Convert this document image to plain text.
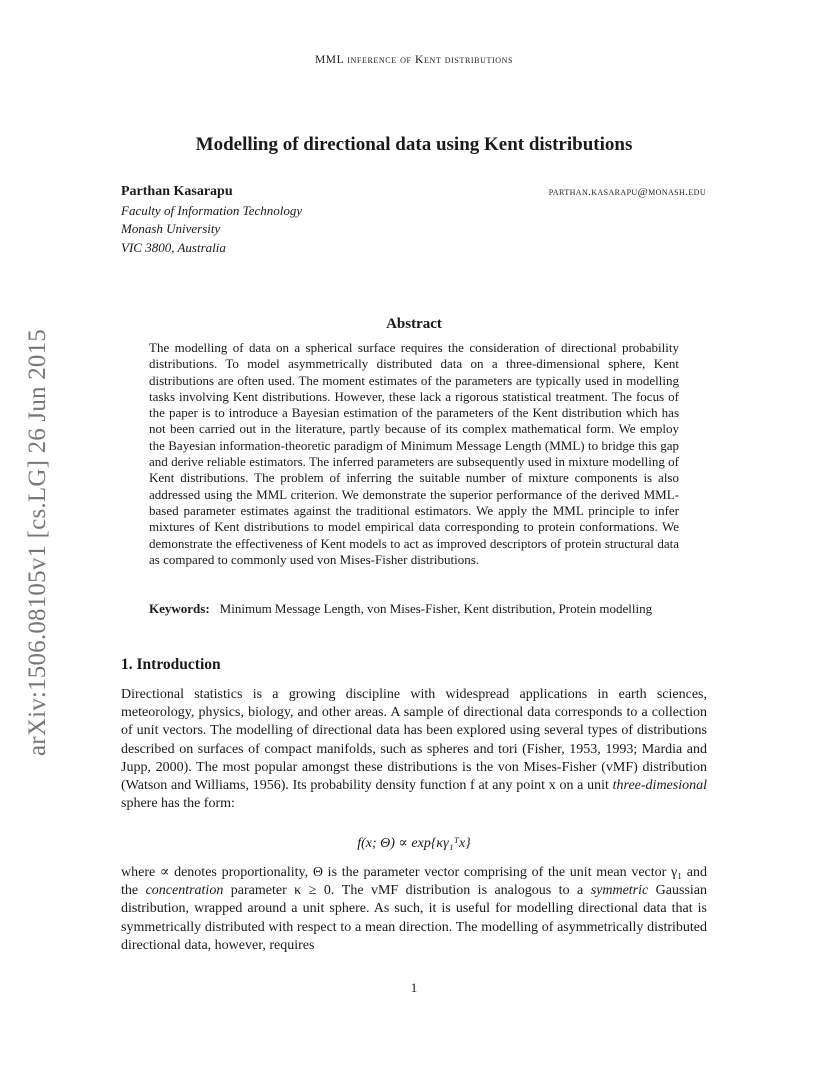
arXiv:1506.08105v1 [cs.LG] 26 Jun 2015
MML inference of Kent distributions
Modelling of directional data using Kent distributions
Parthan Kasarapu	parthan.kasarapu@monash.edu
Faculty of Information Technology
Monash University
VIC 3800, Australia
Abstract
The modelling of data on a spherical surface requires the consideration of directional probability distributions. To model asymmetrically distributed data on a three-dimensional sphere, Kent distributions are often used. The moment estimates of the parameters are typically used in modelling tasks involving Kent distributions. However, these lack a rigorous statistical treatment. The focus of the paper is to introduce a Bayesian estimation of the parameters of the Kent distribution which has not been carried out in the literature, partly because of its complex mathematical form. We employ the Bayesian information-theoretic paradigm of Minimum Message Length (MML) to bridge this gap and derive reliable estimators. The inferred parameters are subsequently used in mixture modelling of Kent distributions. The problem of inferring the suitable number of mixture components is also addressed using the MML criterion. We demonstrate the superior performance of the derived MML-based parameter estimates against the traditional estimators. We apply the MML principle to infer mixtures of Kent distributions to model empirical data corresponding to protein conformations. We demonstrate the effectiveness of Kent models to act as improved descriptors of protein structural data as compared to commonly used von Mises-Fisher distributions.
Keywords: Minimum Message Length, von Mises-Fisher, Kent distribution, Protein modelling
1. Introduction
Directional statistics is a growing discipline with widespread applications in earth sciences, meteorology, physics, biology, and other areas. A sample of directional data corresponds to a collection of unit vectors. The modelling of directional data has been explored using several types of distributions described on surfaces of compact manifolds, such as spheres and tori (Fisher, 1953, 1993; Mardia and Jupp, 2000). The most popular amongst these distributions is the von Mises-Fisher (vMF) distribution (Watson and Williams, 1956). Its probability density function f at any point x on a unit three-dimesional sphere has the form:
f(x; Θ) ∝ exp{κγ₁ᵀx}
where ∝ denotes proportionality, Θ is the parameter vector comprising of the unit mean vector γ₁ and the concentration parameter κ ≥ 0. The vMF distribution is analogous to a symmetric Gaussian distribution, wrapped around a unit sphere. As such, it is useful for modelling directional data that is symmetrically distributed with respect to a mean direction. The modelling of asymmetrically distributed directional data, however, requires
1
